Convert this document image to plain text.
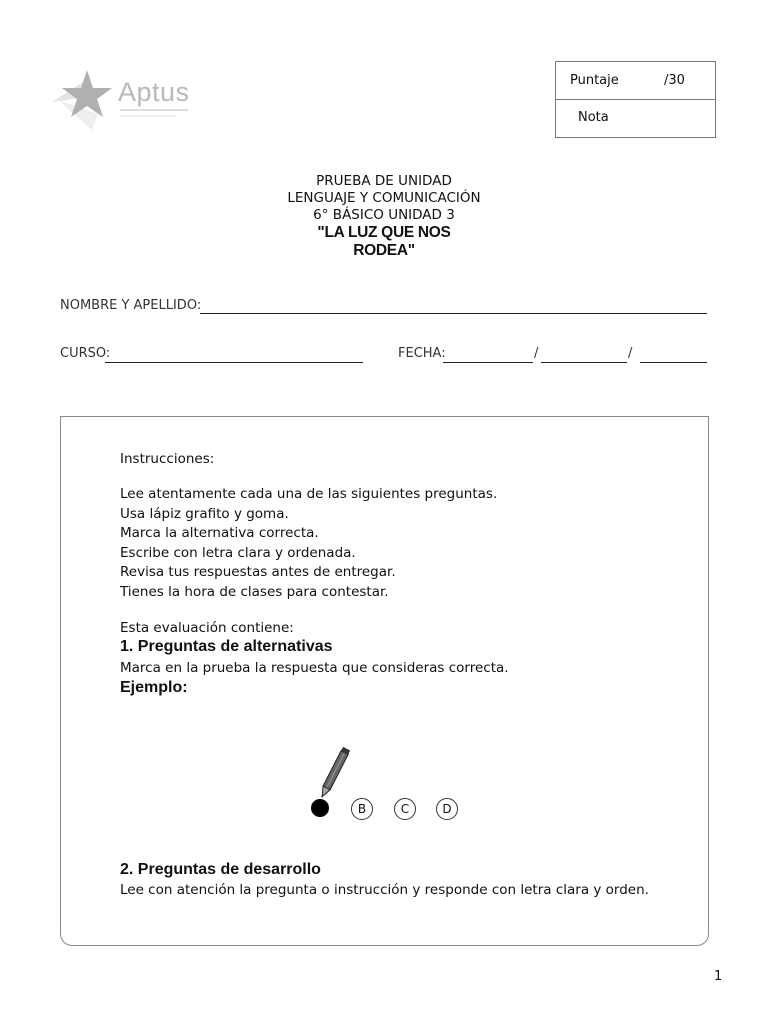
Aptus	Puntaje	/30
Nota
PRUEBA DE UNIDAD
LENGUAJE Y COMUNICACIÓN
6° BÁSICO UNIDAD 3
"LA LUZ QUE NOS
RODEA"
NOMBRE Y APELLIDO:
CURSO:	FECHA:	/	/
Instrucciones:
Lee atentamente cada una de las siguientes preguntas.
Usa lápiz grafito y goma.
Marca la alternativa correcta.
Escribe con letra clara y ordenada.
Revisa tus respuestas antes de entregar.
Tienes la hora de clases para contestar.
Esta evaluación contiene:
1. Preguntas de alternativas
Marca en la prueba la respuesta que consideras correcta.
Ejemplo:
B	C	D
2. Preguntas de desarrollo
Lee con atención la pregunta o instrucción y responde con letra clara y orden.
1
